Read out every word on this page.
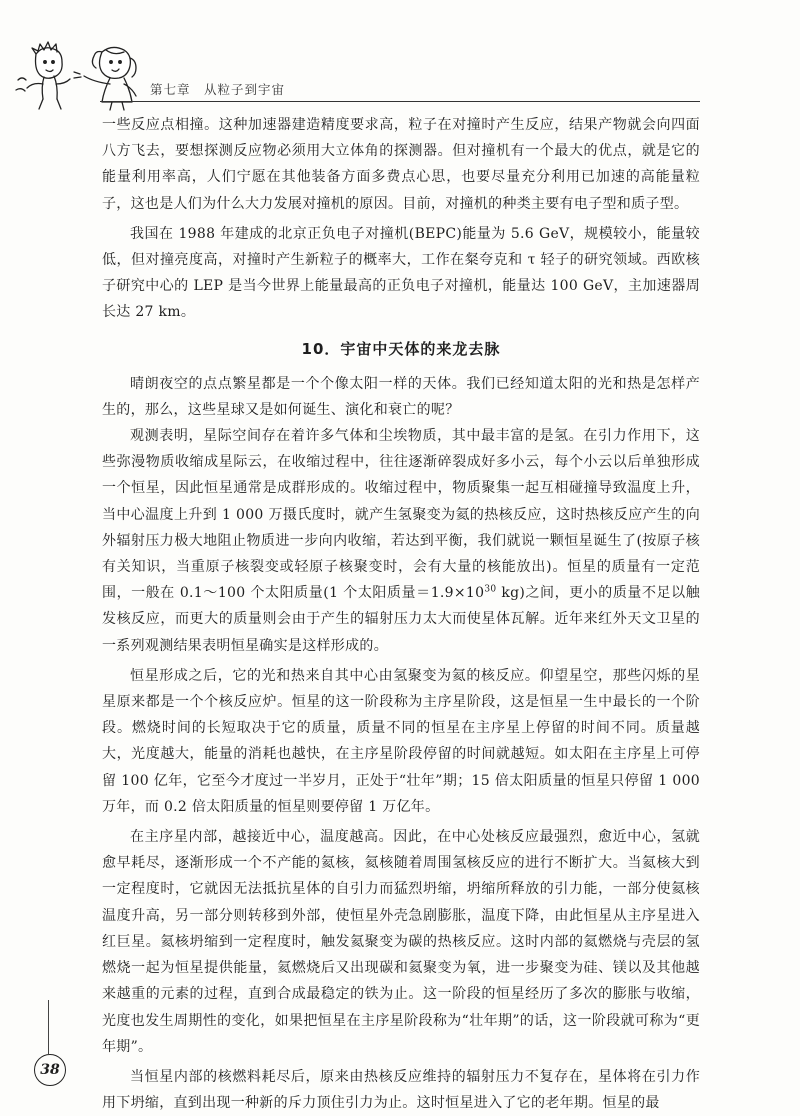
第七章　从粒子到宇宙

一些反应点相撞。这种加速器建造精度要求高，粒子在对撞时产生反应，结果产物就会向四面八方飞去，要想探测反应物必须用大立体角的探测器。但对撞机有一个最大的优点，就是它的能量利用率高，人们宁愿在其他装备方面多费点心思，也要尽量充分利用已加速的高能量粒子，这也是人们为什么大力发展对撞机的原因。目前，对撞机的种类主要有电子型和质子型。

我国在 1988 年建成的北京正负电子对撞机(BEPC)能量为 5.6 GeV，规模较小，能量较低，但对撞亮度高，对撞时产生新粒子的概率大，工作在粲夸克和 τ 轻子的研究领域。西欧核子研究中心的 LEP 是当今世界上能量最高的正负电子对撞机，能量达 100 GeV，主加速器周长达 27 km。

10．宇宙中天体的来龙去脉

晴朗夜空的点点繁星都是一个个像太阳一样的天体。我们已经知道太阳的光和热是怎样产生的，那么，这些星球又是如何诞生、演化和衰亡的呢？

观测表明，星际空间存在着许多气体和尘埃物质，其中最丰富的是氢。在引力作用下，这些弥漫物质收缩成星际云，在收缩过程中，往往逐渐碎裂成好多小云，每个小云以后单独形成一个恒星，因此恒星通常是成群形成的。收缩过程中，物质聚集一起互相碰撞导致温度上升，当中心温度上升到 1 000 万摄氏度时，就产生氢聚变为氦的热核反应，这时热核反应产生的向外辐射压力极大地阻止物质进一步向内收缩，若达到平衡，我们就说一颗恒星诞生了(按原子核有关知识，当重原子核裂变或轻原子核聚变时，会有大量的核能放出)。恒星的质量有一定范围，一般在 0.1～100 个太阳质量(1 个太阳质量$=1.9\times 10^{30}$ kg)之间，更小的质量不足以触发核反应，而更大的质量则会由于产生的辐射压力太大而使星体瓦解。近年来红外天文卫星的一系列观测结果表明恒星确实是这样形成的。

恒星形成之后，它的光和热来自其中心由氢聚变为氦的核反应。仰望星空，那些闪烁的星星原来都是一个个核反应炉。恒星的这一阶段称为主序星阶段，这是恒星一生中最长的一个阶段。燃烧时间的长短取决于它的质量，质量不同的恒星在主序星上停留的时间不同。质量越大，光度越大，能量的消耗也越快，在主序星阶段停留的时间就越短。如太阳在主序星上可停留 100 亿年，它至今才度过一半岁月，正处于“壮年”期；15 倍太阳质量的恒星只停留 1 000万年，而 0.2 倍太阳质量的恒星则要停留 1 万亿年。

在主序星内部，越接近中心，温度越高。因此，在中心处核反应最强烈，愈近中心，氢就愈早耗尽，逐渐形成一个不产能的氦核，氦核随着周围氢核反应的进行不断扩大。当氦核大到一定程度时，它就因无法抵抗星体的自引力而猛烈坍缩，坍缩所释放的引力能，一部分使氦核温度升高，另一部分则转移到外部，使恒星外壳急剧膨胀，温度下降，由此恒星从主序星进入红巨星。氦核坍缩到一定程度时，触发氦聚变为碳的热核反应。这时内部的氦燃烧与壳层的氢燃烧一起为恒星提供能量，氦燃烧后又出现碳和氦聚变为氧，进一步聚变为硅、镁以及其他越来越重的元素的过程，直到合成最稳定的铁为止。这一阶段的恒星经历了多次的膨胀与收缩，光度也发生周期性的变化，如果把恒星在主序星阶段称为“壮年期”的话，这一阶段就可称为“更年期”。

当恒星内部的核燃料耗尽后，原来由热核反应维持的辐射压力不复存在，星体将在引力作用下坍缩，直到出现一种新的斥力顶住引力为止。这时恒星进入了它的老年期。恒星的最

38
